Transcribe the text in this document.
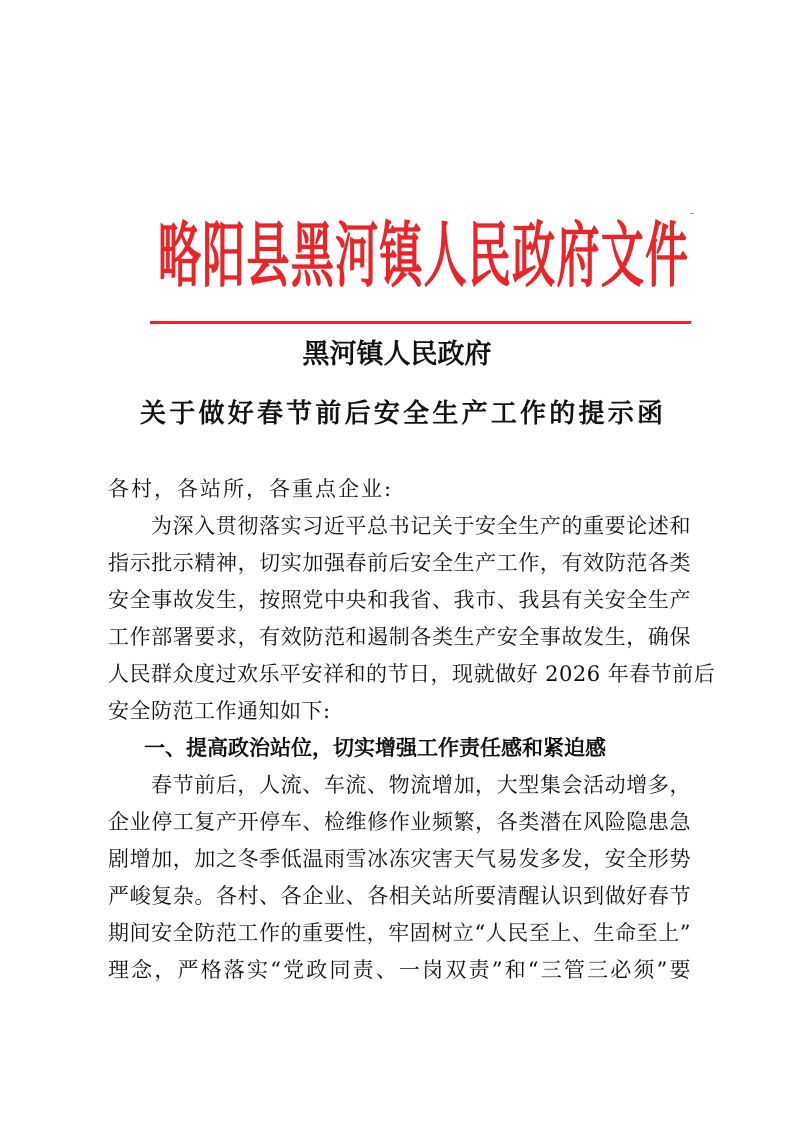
略阳县黑河镇人民政府文件
黑河镇人民政府
关于做好春节前后安全生产工作的提示函
各村，各站所，各重点企业:
为深入贯彻落实习近平总书记关于安全生产的重要论述和
指示批示精神，切实加强春前后安全生产工作，有效防范各类
安全事故发生，按照党中央和我省、我市、我县有关安全生产
工作部署要求，有效防范和遏制各类生产安全事故发生，确保
人民群众度过欢乐平安祥和的节日，现就做好 2026 年春节前后
安全防范工作通知如下:
一、提高政治站位，切实增强工作责任感和紧迫感
春节前后，人流、车流、物流增加，大型集会活动增多，
企业停工复产开停车、检维修作业频繁，各类潜在风险隐患急
剧增加，加之冬季低温雨雪冰冻灾害天气易发多发，安全形势
严峻复杂。各村、各企业、各相关站所要清醒认识到做好春节
期间安全防范工作的重要性，牢固树立“人民至上、生命至上”
理念，严格落实“党政同责、一岗双责”和“三管三必须”要
